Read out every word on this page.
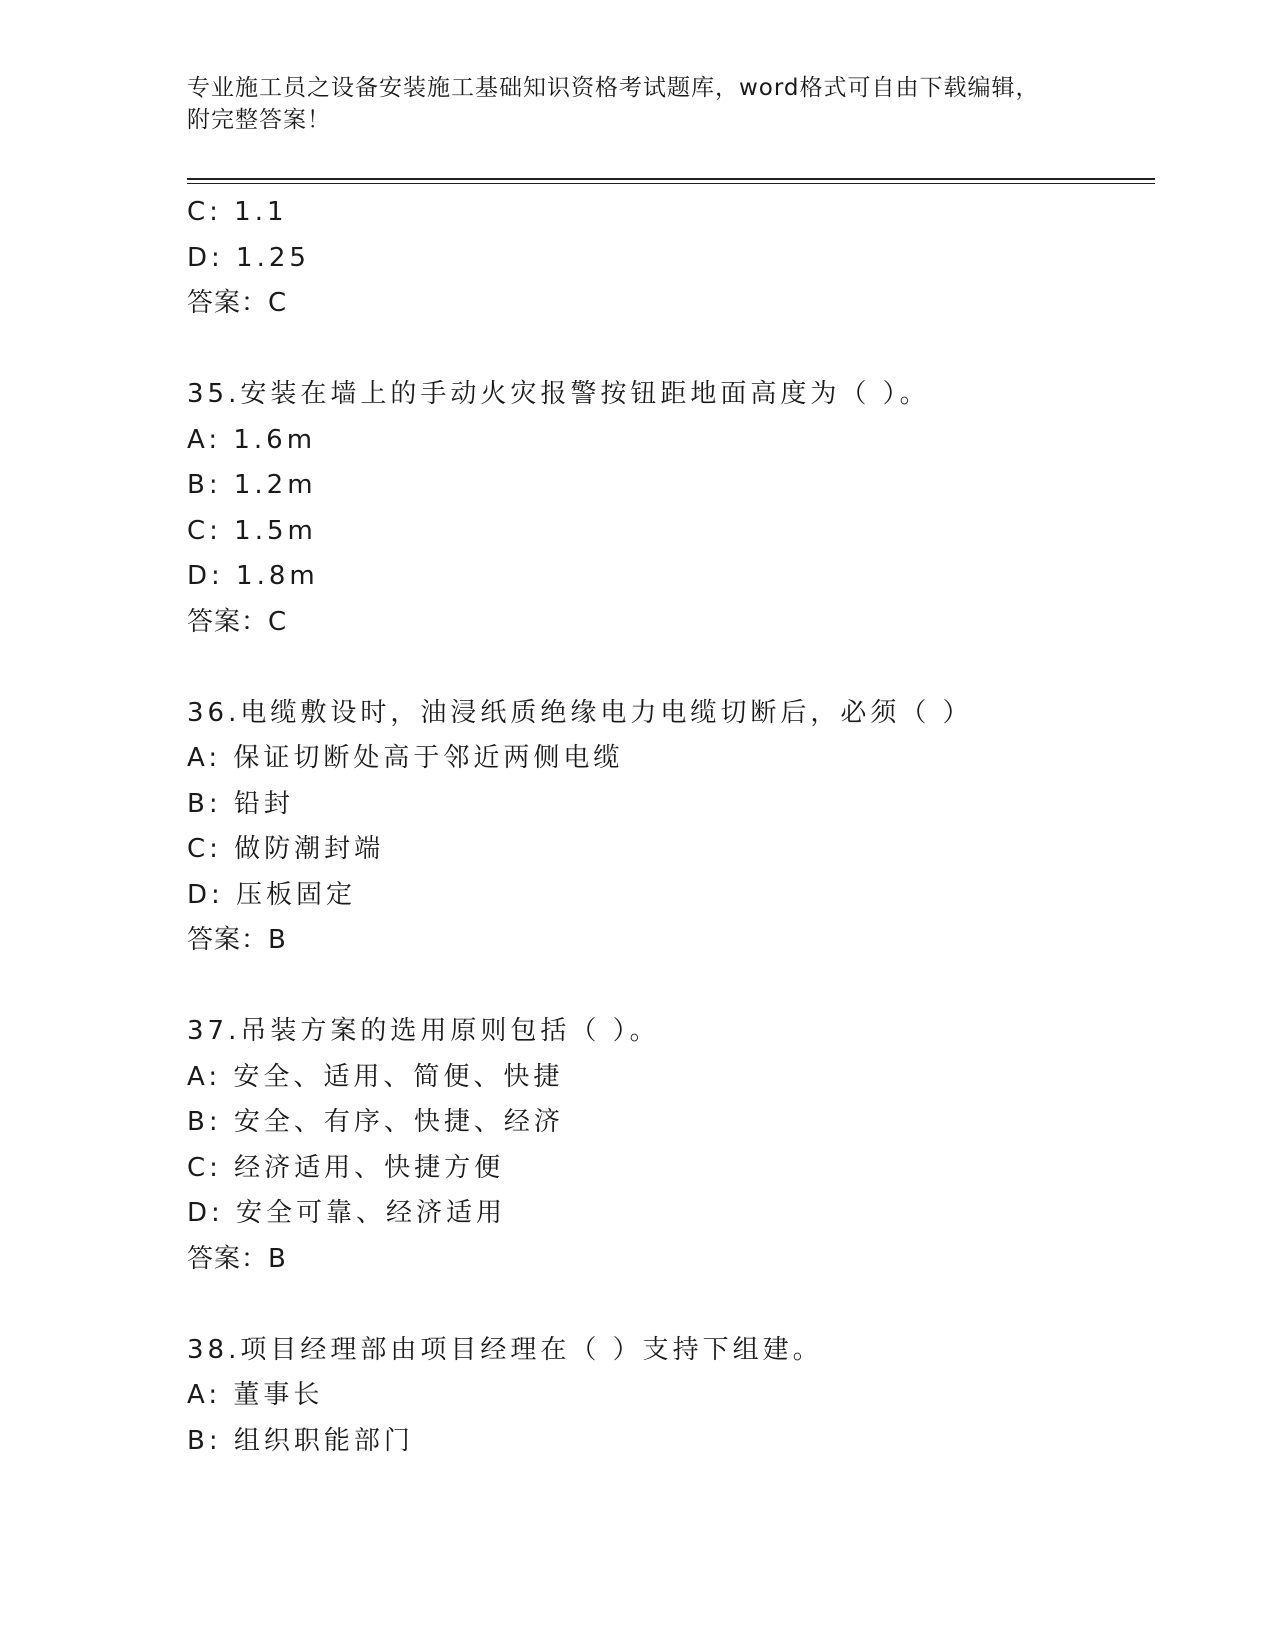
专业施工员之设备安装施工基础知识资格考试题库，word格式可自由下载编辑，
附完整答案！
C: 1.1
D: 1.25
答案：C
35.安装在墙上的手动火灾报警按钮距地面高度为（ ）。
A: 1.6m
B: 1.2m
C: 1.5m
D: 1.8m
答案：C
36.电缆敷设时，油浸纸质绝缘电力电缆切断后，必须（ ）
A: 保证切断处高于邻近两侧电缆
B: 铅封
C: 做防潮封端
D: 压板固定
答案：B
37.吊装方案的选用原则包括（ ）。
A: 安全、适用、简便、快捷
B: 安全、有序、快捷、经济
C: 经济适用、快捷方便
D: 安全可靠、经济适用
答案：B
38.项目经理部由项目经理在（ ）支持下组建。
A: 董事长
B: 组织职能部门
